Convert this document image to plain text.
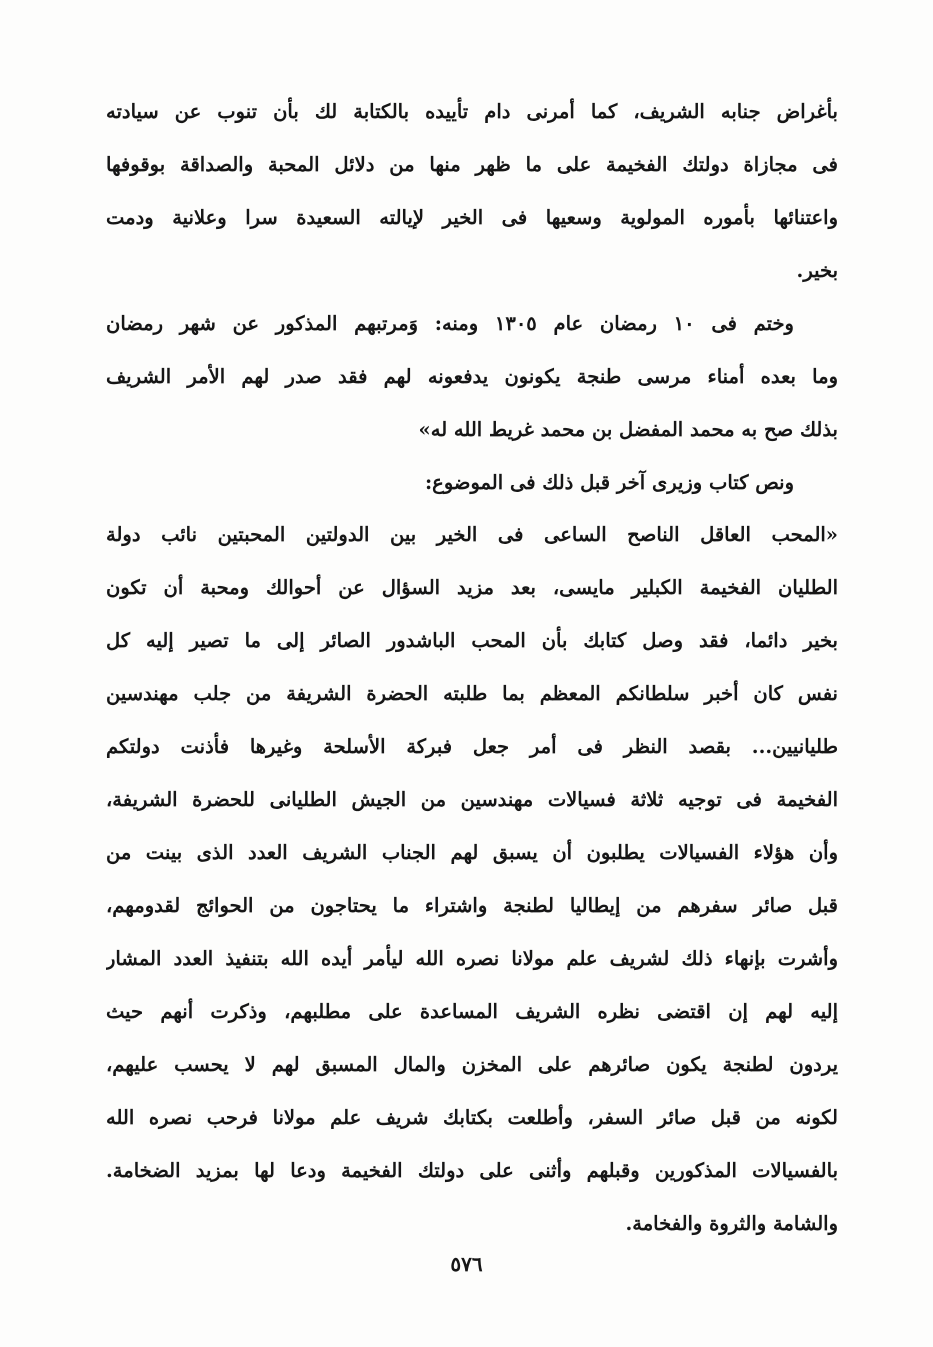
بأغراض جنابه الشريف، كما أمرنى دام تأييده بالكتابة لك بأن تنوب عن سيادته
فى مجازاة دولتك الفخيمة على ما ظهر منها من دلائل المحبة والصداقة بوقوفها
واعتنائها بأموره المولوية وسعيها فى الخير لإيالته السعيدة سرا وعلانية ودمت
بخير.
وختم فى ١٠ رمضان عام ١٣٠٥ ومنه: وَمرتبهم المذكور عن شهر رمضان
وما بعده أمناء مرسى طنجة يكونون يدفعونه لهم فقد صدر لهم الأمر الشريف
بذلك صح به محمد المفضل بن محمد غريط الله له»
ونص كتاب وزيرى آخر قبل ذلك فى الموضوع:
«المحب العاقل الناصح الساعى فى الخير بين الدولتين المحبتين نائب دولة
الطليان الفخيمة الكبلير مايسى، بعد مزيد السؤال عن أحوالك ومحبة أن تكون
بخير دائما، فقد وصل كتابك بأن المحب الباشدور الصائر إلى ما تصير إليه كل
نفس كان أخبر سلطانكم المعظم بما طلبته الحضرة الشريفة من جلب مهندسين
طليانيين... بقصد النظر فى أمر جعل فبركة الأسلحة وغيرها فأذنت دولتكم
الفخيمة فى توجيه ثلاثة فسيالات مهندسين من الجيش الطليانى للحضرة الشريفة،
وأن هؤلاء الفسيالات يطلبون أن يسبق لهم الجناب الشريف العدد الذى بينت من
قبل صائر سفرهم من إيطاليا لطنجة واشتراء ما يحتاجون من الحوائج لقدومهم،
وأشرت بإنهاء ذلك لشريف علم مولانا نصره الله ليأمر أيده الله بتنفيذ العدد المشار
إليه لهم إن اقتضى نظره الشريف المساعدة على مطلبهم، وذكرت أنهم حيث
يردون لطنجة يكون صائرهم على المخزن والمال المسبق لهم لا يحسب عليهم،
لكونه من قبل صائر السفر، وأطلعت بكتابك شريف علم مولانا فرحب نصره الله
بالفسيالات المذكورين وقبلهم وأثنى على دولتك الفخيمة ودعا لها بمزيد الضخامة.
والشامة والثروة والفخامة.
٥٧٦
